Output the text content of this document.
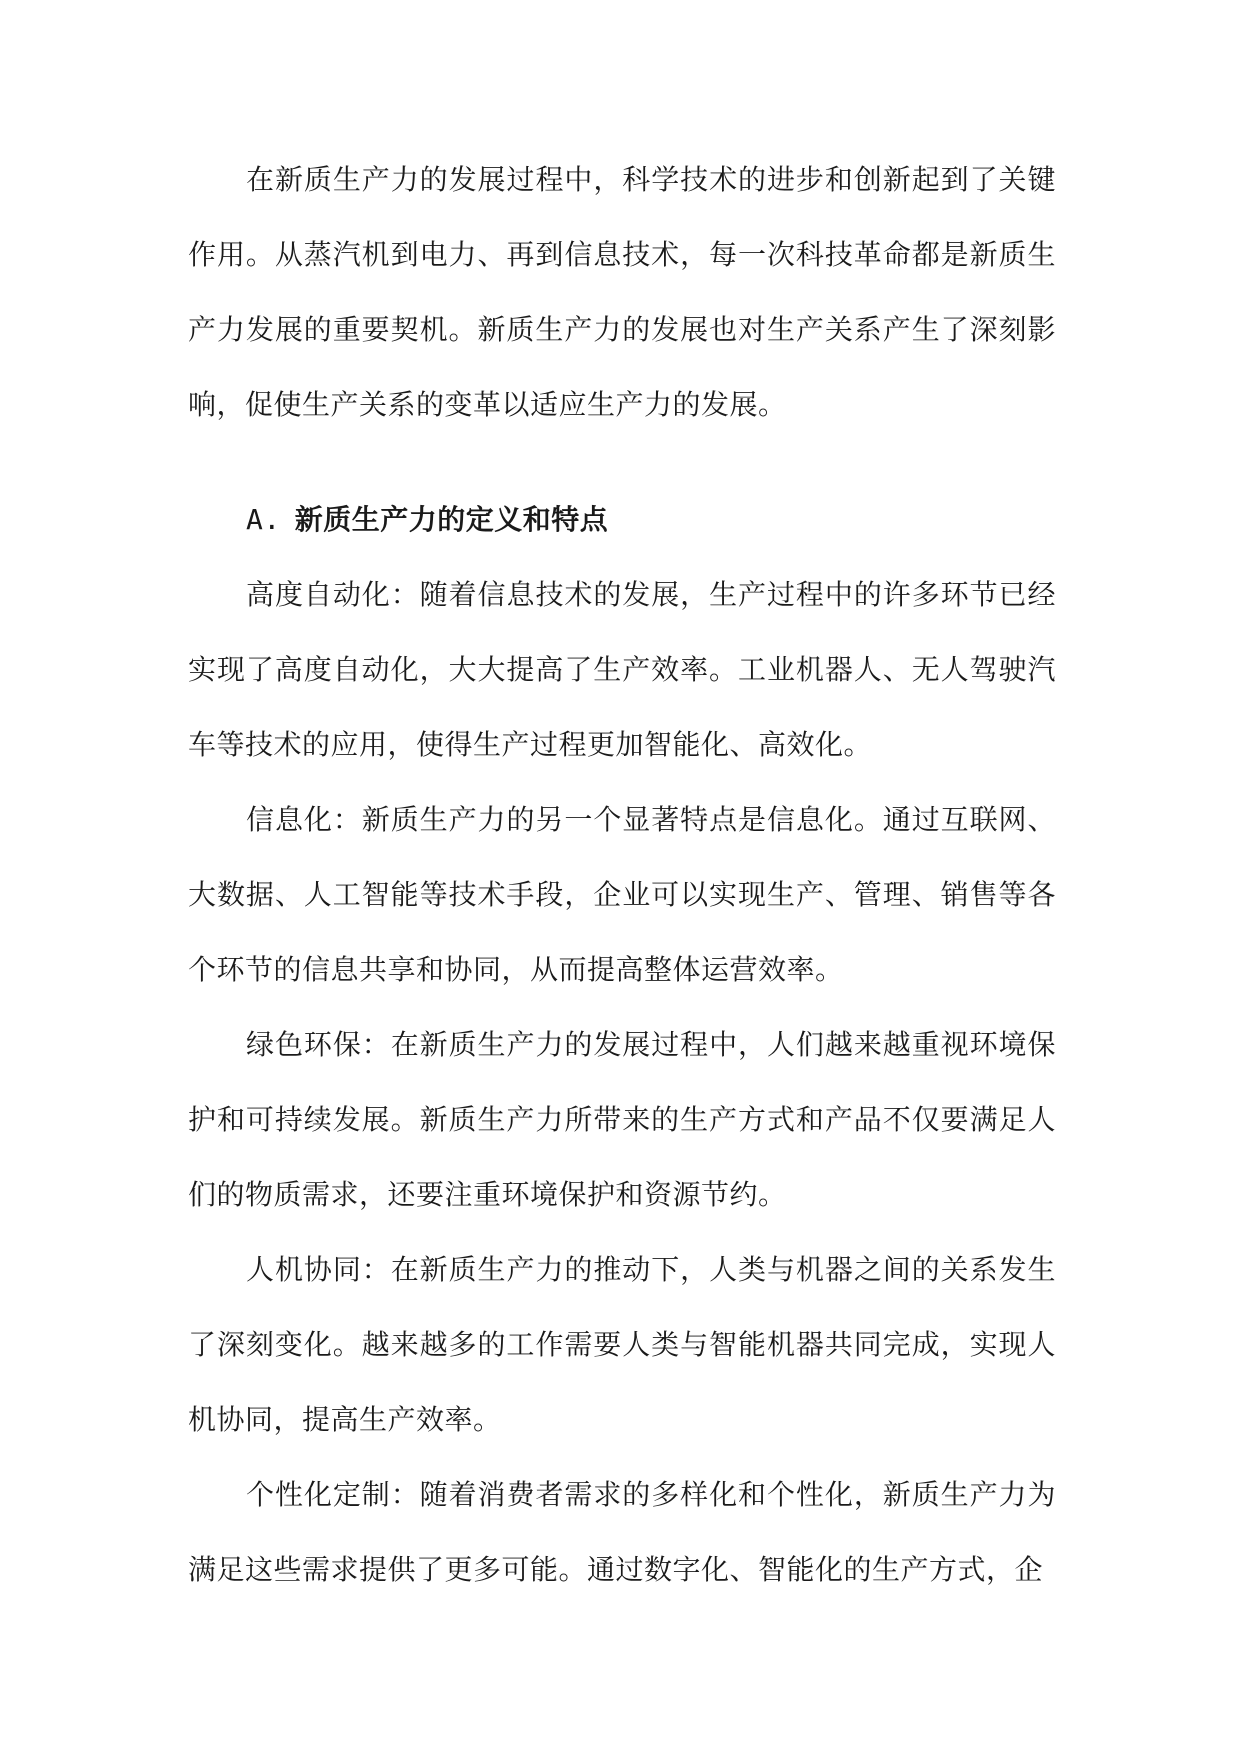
在新质生产力的发展过程中，科学技术的进步和创新起到了关键作用。从蒸汽机到电力、再到信息技术，每一次科技革命都是新质生产力发展的重要契机。新质生产力的发展也对生产关系产生了深刻影响，促使生产关系的变革以适应生产力的发展。

A. 新质生产力的定义和特点

高度自动化：随着信息技术的发展，生产过程中的许多环节已经实现了高度自动化，大大提高了生产效率。工业机器人、无人驾驶汽车等技术的应用，使得生产过程更加智能化、高效化。

信息化：新质生产力的另一个显著特点是信息化。通过互联网、大数据、人工智能等技术手段，企业可以实现生产、管理、销售等各个环节的信息共享和协同，从而提高整体运营效率。

绿色环保：在新质生产力的发展过程中，人们越来越重视环境保护和可持续发展。新质生产力所带来的生产方式和产品不仅要满足人们的物质需求，还要注重环境保护和资源节约。

人机协同：在新质生产力的推动下，人类与机器之间的关系发生了深刻变化。越来越多的工作需要人类与智能机器共同完成，实现人机协同，提高生产效率。

个性化定制：随着消费者需求的多样化和个性化，新质生产力为满足这些需求提供了更多可能。通过数字化、智能化的生产方式，企
